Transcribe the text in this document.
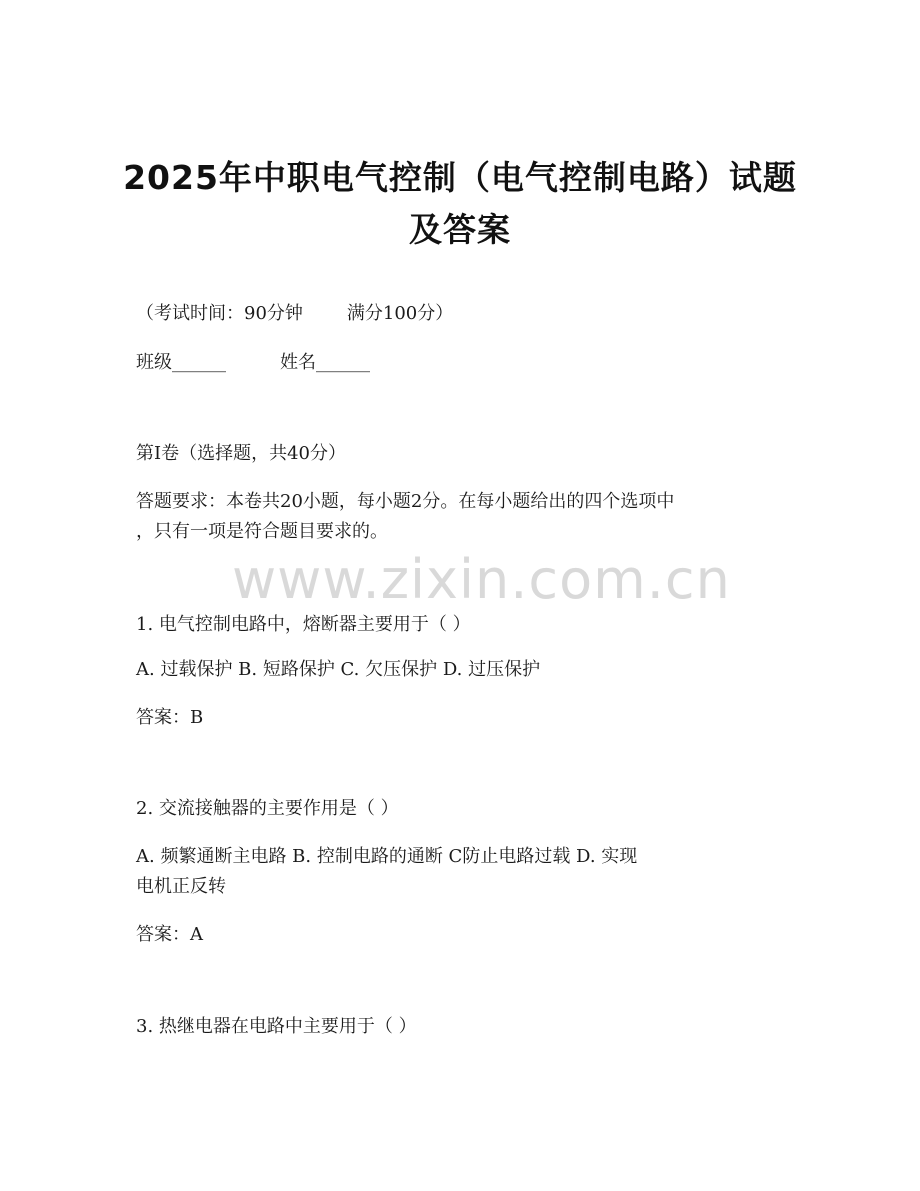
2025年中职电气控制（电气控制电路）试题
及答案
（考试时间：90分钟 满分100分）
班级______	姓名______
第I卷（选择题，共40分）
答题要求：本卷共20小题，每小题2分。在每小题给出的四个选项中
，只有一项是符合题目要求的。
www.zixin.com.cn
1. 电气控制电路中，熔断器主要用于（ ）
A. 过载保护 B. 短路保护 C. 欠压保护 D. 过压保护
答案：B
2. 交流接触器的主要作用是（ ）
A. 频繁通断主电路 B. 控制电路的通断 C防止电路过载 D. 实现
电机正反转
答案：A
3. 热继电器在电路中主要用于（ ）
